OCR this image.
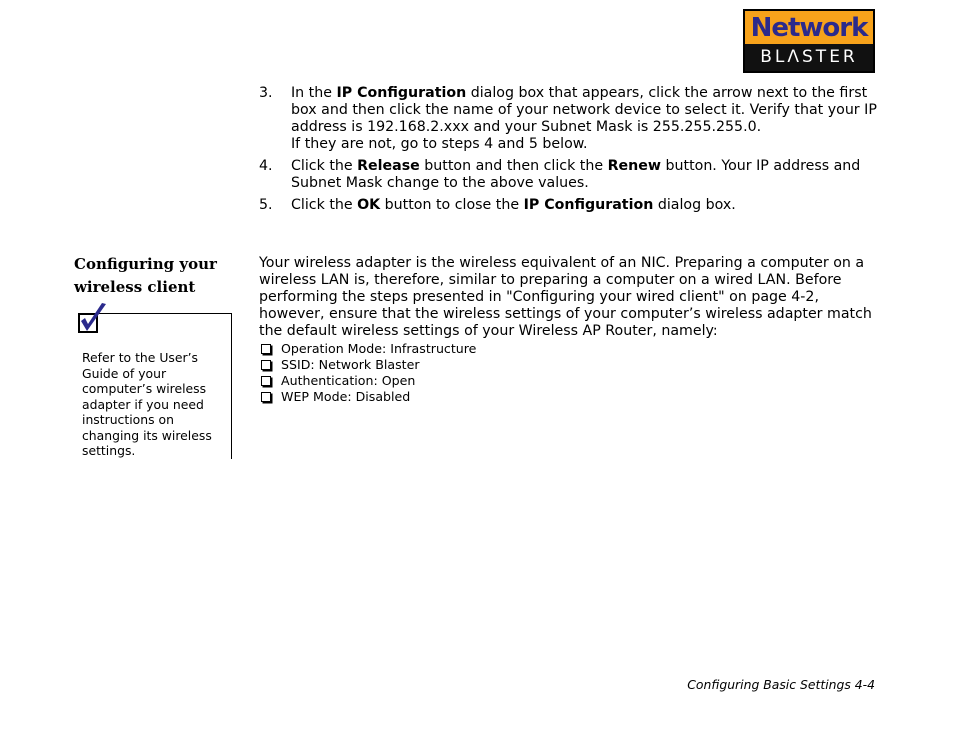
Network
BLΛSTER
3. In the IP Configuration dialog box that appears, click the arrow next to the first box and then click the name of your network device to select it. Verify that your IP address is 192.168.2.xxx and your Subnet Mask is 255.255.255.0.
If they are not, go to steps 4 and 5 below.
4. Click the Release button and then click the Renew button. Your IP address and Subnet Mask change to the above values.
5. Click the OK button to close the IP Configuration dialog box.
Configuring your wireless client
Refer to the User’s Guide of your computer’s wireless adapter if you need instructions on changing its wireless settings.
Your wireless adapter is the wireless equivalent of an NIC. Preparing a computer on a wireless LAN is, therefore, similar to preparing a computer on a wired LAN. Before performing the steps presented in "Configuring your wired client" on page 4-2, however, ensure that the wireless settings of your computer’s wireless adapter match the default wireless settings of your Wireless AP Router, namely:
Operation Mode: Infrastructure
SSID: Network Blaster
Authentication: Open
WEP Mode: Disabled
Configuring Basic Settings 4-4
